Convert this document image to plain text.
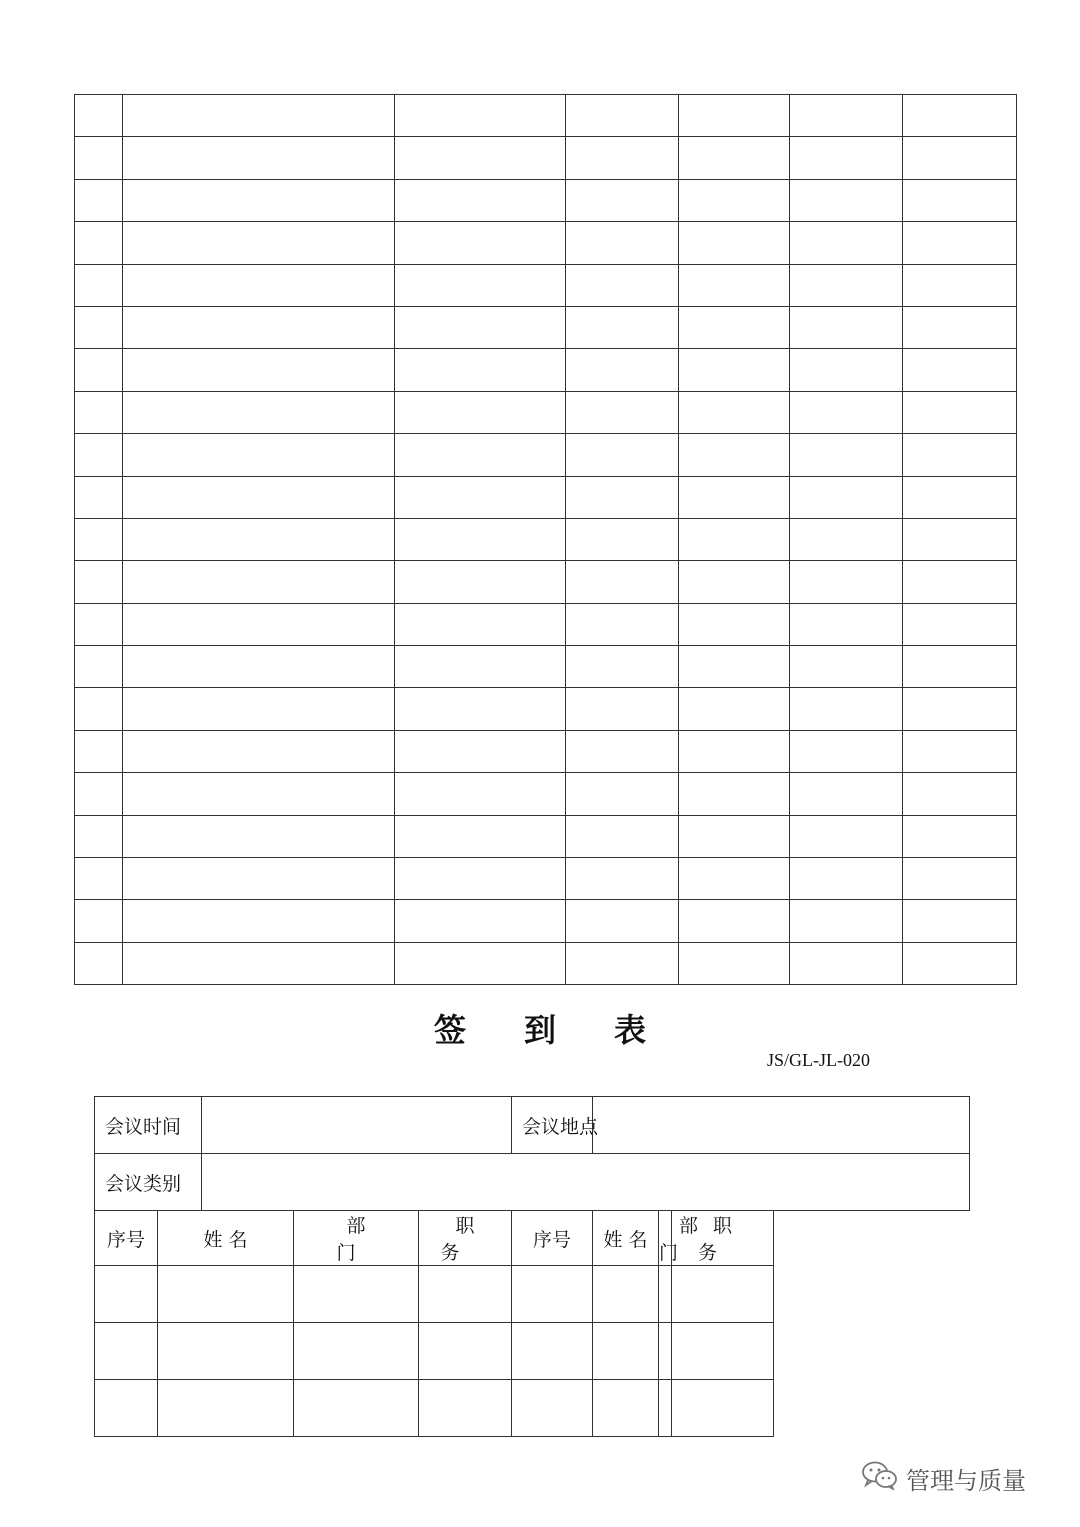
签 到 表
JS/GL-JL-020
会议时间					会议地点			
会议类别								
序号	姓 名		部 门	职 务	序号	姓 名	部 门	职 务

管理与质量
